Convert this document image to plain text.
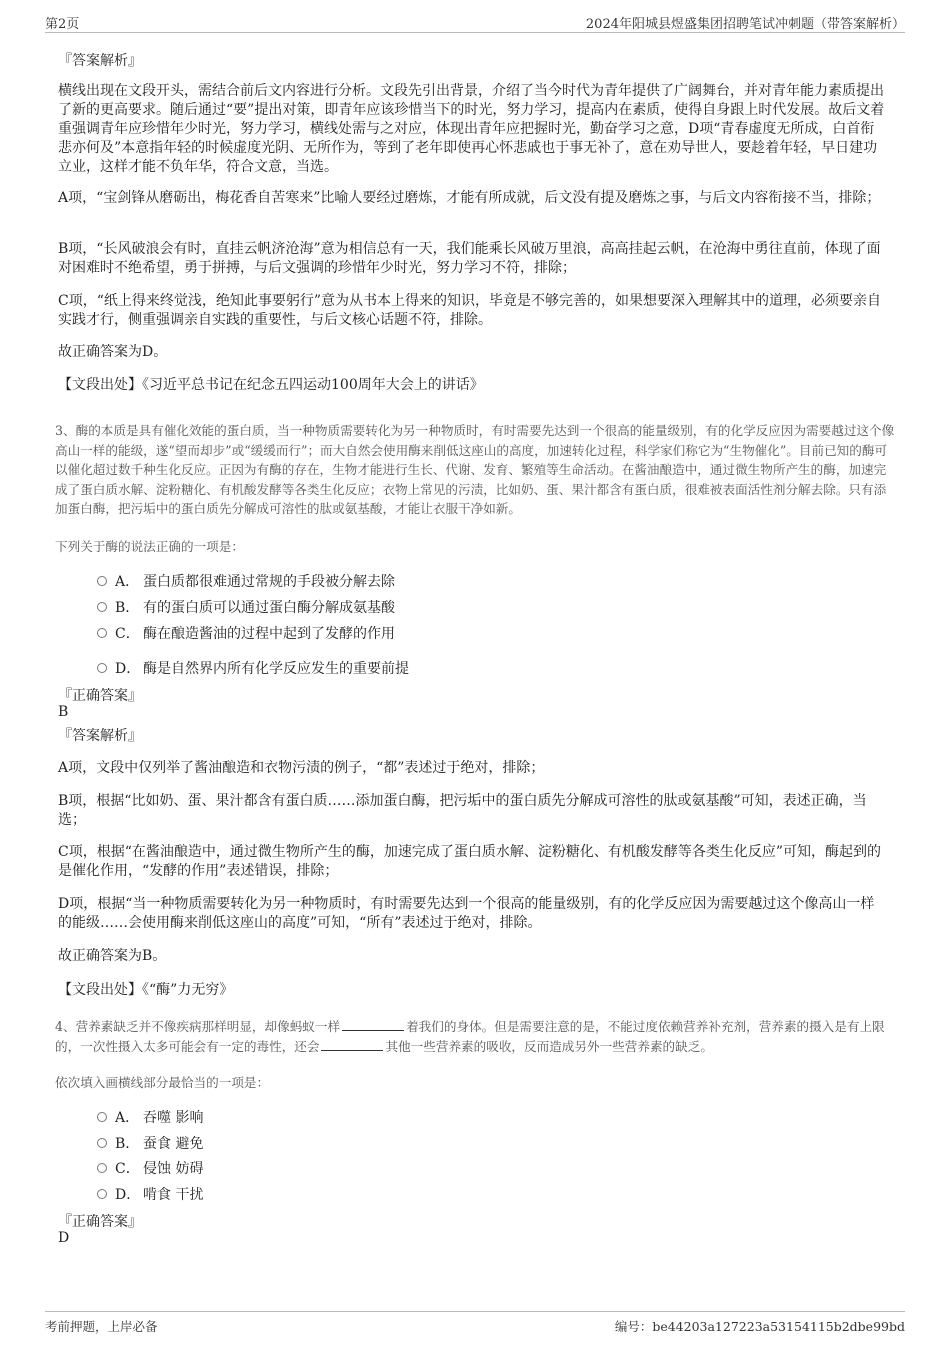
第2页	2024年阳城县煜盛集团招聘笔试冲刺题（带答案解析）
『答案解析』
横线出现在文段开头，需结合前后文内容进行分析。文段先引出背景，介绍了当今时代为青年提供了广阔舞台，并对青年能力素质提出了新的更高要求。随后通过“要”提出对策，即青年应该珍惜当下的时光，努力学习，提高内在素质，使得自身跟上时代发展。故后文着重强调青年应珍惜年少时光，努力学习，横线处需与之对应，体现出青年应把握时光，勤奋学习之意，D项“青春虚度无所成，白首衔悲亦何及”本意指年轻的时候虚度光阴、无所作为，等到了老年即使再心怀悲戚也于事无补了，意在劝导世人，要趁着年轻，早日建功立业，这样才能不负年华，符合文意，当选。
A项，“宝剑锋从磨砺出，梅花香自苦寒来”比喻人要经过磨炼，才能有所成就，后文没有提及磨炼之事，与后文内容衔接不当，排除；
B项，“长风破浪会有时，直挂云帆济沧海”意为相信总有一天，我们能乘长风破万里浪，高高挂起云帆，在沧海中勇往直前，体现了面对困难时不绝希望，勇于拼搏，与后文强调的珍惜年少时光，努力学习不符，排除；
C项，“纸上得来终觉浅，绝知此事要躬行”意为从书本上得来的知识，毕竟是不够完善的，如果想要深入理解其中的道理，必须要亲自实践才行，侧重强调亲自实践的重要性，与后文核心话题不符，排除。
故正确答案为D。
【文段出处】《习近平总书记在纪念五四运动100周年大会上的讲话》
3、酶的本质是具有催化效能的蛋白质，当一种物质需要转化为另一种物质时，有时需要先达到一个很高的能量级别，有的化学反应因为需要越过这个像高山一样的能级，遂“望而却步”或“缓缓而行”；而大自然会使用酶来削低这座山的高度，加速转化过程，科学家们称它为“生物催化”。目前已知的酶可以催化超过数千种生化反应。正因为有酶的存在，生物才能进行生长、代谢、发育、繁殖等生命活动。在酱油酿造中，通过微生物所产生的酶，加速完成了蛋白质水解、淀粉糖化、有机酸发酵等各类生化反应；衣物上常见的污渍，比如奶、蛋、果汁都含有蛋白质，很难被表面活性剂分解去除。只有添加蛋白酶，把污垢中的蛋白质先分解成可溶性的肽或氨基酸，才能让衣服干净如新。
下列关于酶的说法正确的一项是：
A． 蛋白质都很难通过常规的手段被分解去除
B． 有的蛋白质可以通过蛋白酶分解成氨基酸
C． 酶在酿造酱油的过程中起到了发酵的作用
D． 酶是自然界内所有化学反应发生的重要前提
『正确答案』
B
『答案解析』
A项，文段中仅列举了酱油酿造和衣物污渍的例子，“都”表述过于绝对，排除；
B项，根据“比如奶、蛋、果汁都含有蛋白质……添加蛋白酶，把污垢中的蛋白质先分解成可溶性的肽或氨基酸”可知，表述正确，当选；
C项，根据“在酱油酿造中，通过微生物所产生的酶，加速完成了蛋白质水解、淀粉糖化、有机酸发酵等各类生化反应”可知，酶起到的是催化作用，“发酵的作用”表述错误，排除；
D项，根据“当一种物质需要转化为另一种物质时，有时需要先达到一个很高的能量级别，有的化学反应因为需要越过这个像高山一样的能级……会使用酶来削低这座山的高度”可知，“所有”表述过于绝对，排除。
故正确答案为B。
【文段出处】《“酶”力无穷》
4、营养素缺乏并不像疾病那样明显，却像蚂蚁一样	着我们的身体。但是需要注意的是，不能过度依赖营养补充剂，营养素的摄入是有上限的，一次性摄入太多可能会有一定的毒性，还会	其他一些营养素的吸收，反而造成另外一些营养素的缺乏。
依次填入画横线部分最恰当的一项是：
A． 吞噬 影响
B． 蚕食 避免
C． 侵蚀 妨碍
D． 啃食 干扰
『正确答案』
D
考前押题，上岸必备	编号：be44203a127223a53154115b2dbe99bd
